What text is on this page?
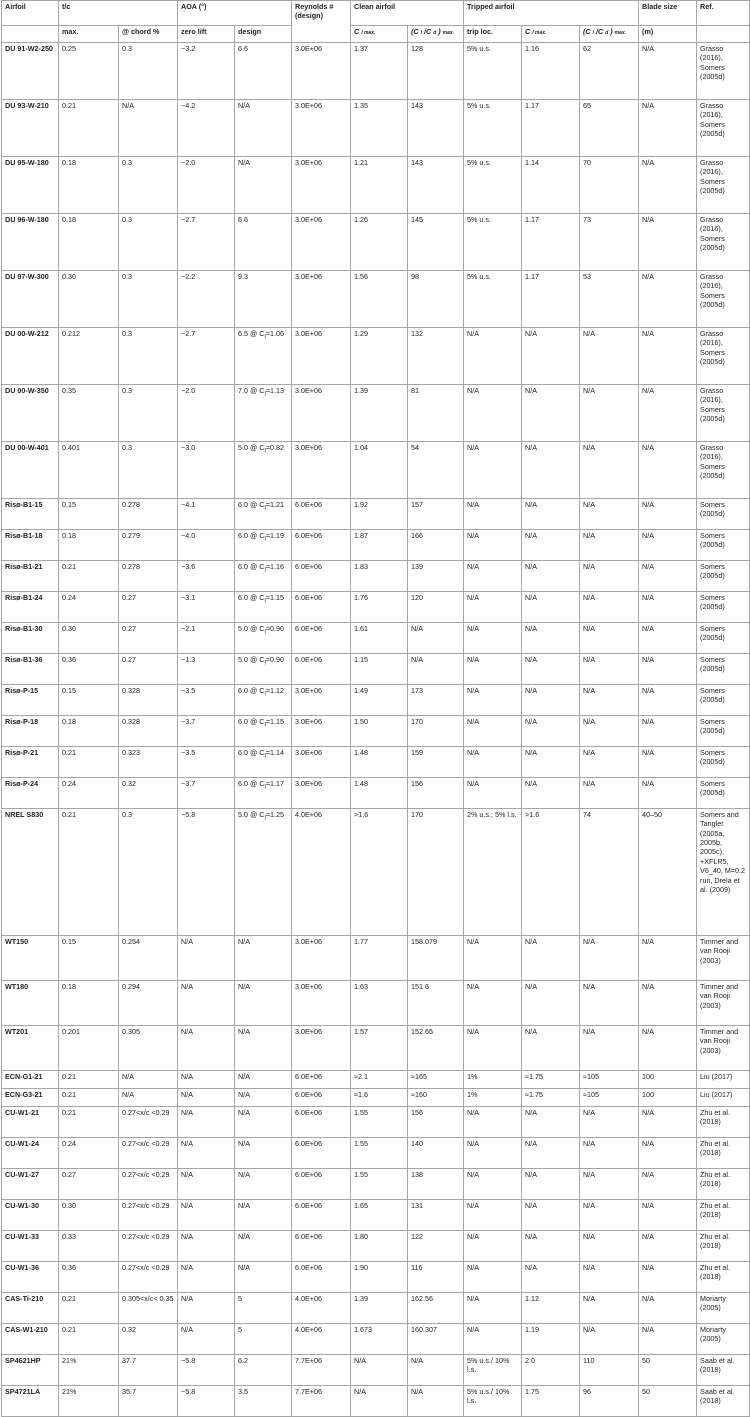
Airfoil	t/c		AOA (°)		Reynolds # (design)	Clean airfoil		Tripped airfoil			Blade size	Ref.
	max.	@ chord %	zero lift	design		C l max.	(C l /C d ) max.	trip loc.	C l max.	(C l /C d ) max.	(m)	
DU 91-W2-250	0.25	0.3	−3.2	6.6	3.0E+06	1.37	128	5% u.s.	1.16	62	N/A	Grasso (2016), Somers (2005d)
DU 93-W-210	0.21	N/A	−4.2	N/A	3.0E+06	1.35	143	5% u.s.	1.17	65	N/A	Grasso (2016), Somers (2005d)
DU 95-W-180	0.18	0.3	−2.0	N/A	3.0E+06	1.21	143	5% u.s.	1.14	70	N/A	Grasso (2016), Somers (2005d)
DU 96-W-180	0.18	0.3	−2.7	6.6	3.0E+06	1.26	145	5% u.s.	1.17	73	N/A	Grasso (2016), Somers (2005d)
DU 97-W-300	0.30	0.3	−2.2	9.3	3.0E+06	1.56	98	5% u.s.	1.17	53	N/A	Grasso (2016), Somers (2005d)
DU 00-W-212	0.212	0.3	−2.7	6.5 @ $C_l=1.06$	3.0E+06	1.29	132	N/A	N/A	N/A	N/A	Grasso (2016), Somers (2005d)
DU 00-W-350	0.35	0.3	−2.0	7.0 @ $C_l=1.13$	3.0E+06	1.39	81	N/A	N/A	N/A	N/A	Grasso (2016), Somers (2005d)
DU 00-W-401	0.401	0.3	−3.0	5.0 @ $C_l=0.82$	3.0E+06	1.04	54	N/A	N/A	N/A	N/A	Grasso (2016), Somers (2005d)
Risø-B1-15	0.15	0.278	−4.1	6.0 @ $C_l=1.21$	6.0E+06	1.92	157	N/A	N/A	N/A	N/A	Somers (2005d)
Risø-B1-18	0.18	0.279	−4.0	6.0 @ $C_l=1.19$	6.0E+06	1.87	166	N/A	N/A	N/A	N/A	Somers (2005d)
Risø-B1-21	0.21	0.278	−3.6	6.0 @ $C_l=1.16$	6.0E+06	1.83	139	N/A	N/A	N/A	N/A	Somers (2005d)
Risø-B1-24	0.24	0.27	−3.1	6.0 @ $C_l=1.15$	6.0E+06	1.76	120	N/A	N/A	N/A	N/A	Somers (2005d)
Risø-B1-30	0.30	0.27	−2.1	5.0 @ $C_l=0.90$	6.0E+06	1.61	N/A	N/A	N/A	N/A	N/A	Somers (2005d)
Risø-B1-36	0.36	0.27	−1.3	5.0 @ $C_l=0.90$	6.0E+06	1.15	N/A	N/A	N/A	N/A	N/A	Somers (2005d)
Risø-P-15	0.15	0.328	−3.5	6.0 @ $C_l=1.12$	3.0E+06	1.49	173	N/A	N/A	N/A	N/A	Somers (2005d)
Risø-P-18	0.18	0.328	−3.7	6.0 @ $C_l=1.15$	3.0E+06	1.50	170	N/A	N/A	N/A	N/A	Somers (2005d)
Risø-P-21	0.21	0.323	−3.5	6.0 @ $C_l=1.14$	3.0E+06	1.48	159	N/A	N/A	N/A	N/A	Somers (2005d)
Risø-P-24	0.24	0.32	−3.7	6.0 @ $C_l=1.17$	3.0E+06	1.48	156	N/A	N/A	N/A	N/A	Somers (2005d)
NREL S830	0.21	0.3	−5.8	5.0 @ $C_l=1.25$	4.0E+06	>1.6	170	2% u.s.; 5% l.s.	>1.6	74	40–50	Somers and Tangler (2005a, 2005b, 2005c), +XFLR5, V6_40, M=0.2 run, Drela et al. (2009)
WT150	0.15	0.254	N/A	N/A	3.0E+06	1.77	158.079	N/A	N/A	N/A	N/A	Timmer and van Rooji (2003)
WT180	0.18	0.294	N/A	N/A	3.0E+06	1.63	151.6	N/A	N/A	N/A	N/A	Timmer and van Rooji (2003)
WT201	0.201	0.305	N/A	N/A	3.0E+06	1.57	152.65	N/A	N/A	N/A	N/A	Timmer and van Rooji (2003)
ECN-G1-21	0.21	N/A	N/A	N/A	6.0E+06	≈2.1	≈165	1%	≈1.75	≈105	100	Liu (2017)
ECN-G3-21	0.21	N/A	N/A	N/A	6.0E+06	≈1.6	≈160	1%	≈1.75	≈105	100	Liu (2017)
CU-W1-21	0.21	0.27<x/c <0.29	N/A	N/A	6.0E+06	1.55	156	N/A	N/A	N/A	N/A	Zhu et al. (2018)
CU-W1-24	0.24	0.27<x/c <0.29	N/A	N/A	6.0E+06	1.55	140	N/A	N/A	N/A	N/A	Zhu et al. (2018)
CU-W1-27	0.27	0.27<x/c <0.29	N/A	N/A	6.0E+06	1.55	138	N/A	N/A	N/A	N/A	Zhu et al. (2018)
CU-W1-30	0.30	0.27<x/c <0.29	N/A	N/A	6.0E+06	1.65	131	N/A	N/A	N/A	N/A	Zhu et al. (2018)
CU-W1-33	0.33	0.27<x/c <0.29	N/A	N/A	6.0E+06	1.80	122	N/A	N/A	N/A	N/A	Zhu et al. (2018)
CU-W1-36	0.36	0.27<x/c <0.29	N/A	N/A	6.0E+06	1.90	116	N/A	N/A	N/A	N/A	Zhu et al. (2018)
CAS-Ti-210	0.21	0.305<x/c< 0.35	N/A	5	4.0E+06	1.39	162.56	N/A	1.12	N/A	N/A	Moriarty (2005)
CAS-W1-210	0.21	0.32	N/A	5	4.0E+06	1.673	160.307	N/A	1.19	N/A	N/A	Moriarty (2005)
SP4621HP	21%	37.7	−5.8	6.2	7.7E+06	N/A	N/A	5% u.s./ 10% l.s.	2.0	110	50	Saab et al. (2018)
SP4721LA	21%	35.7	−5.8	3.5	7.7E+06	N/A	N/A	5% u.s./ 10% l.s.	1.75	96	50	Saab et al. (2018)
